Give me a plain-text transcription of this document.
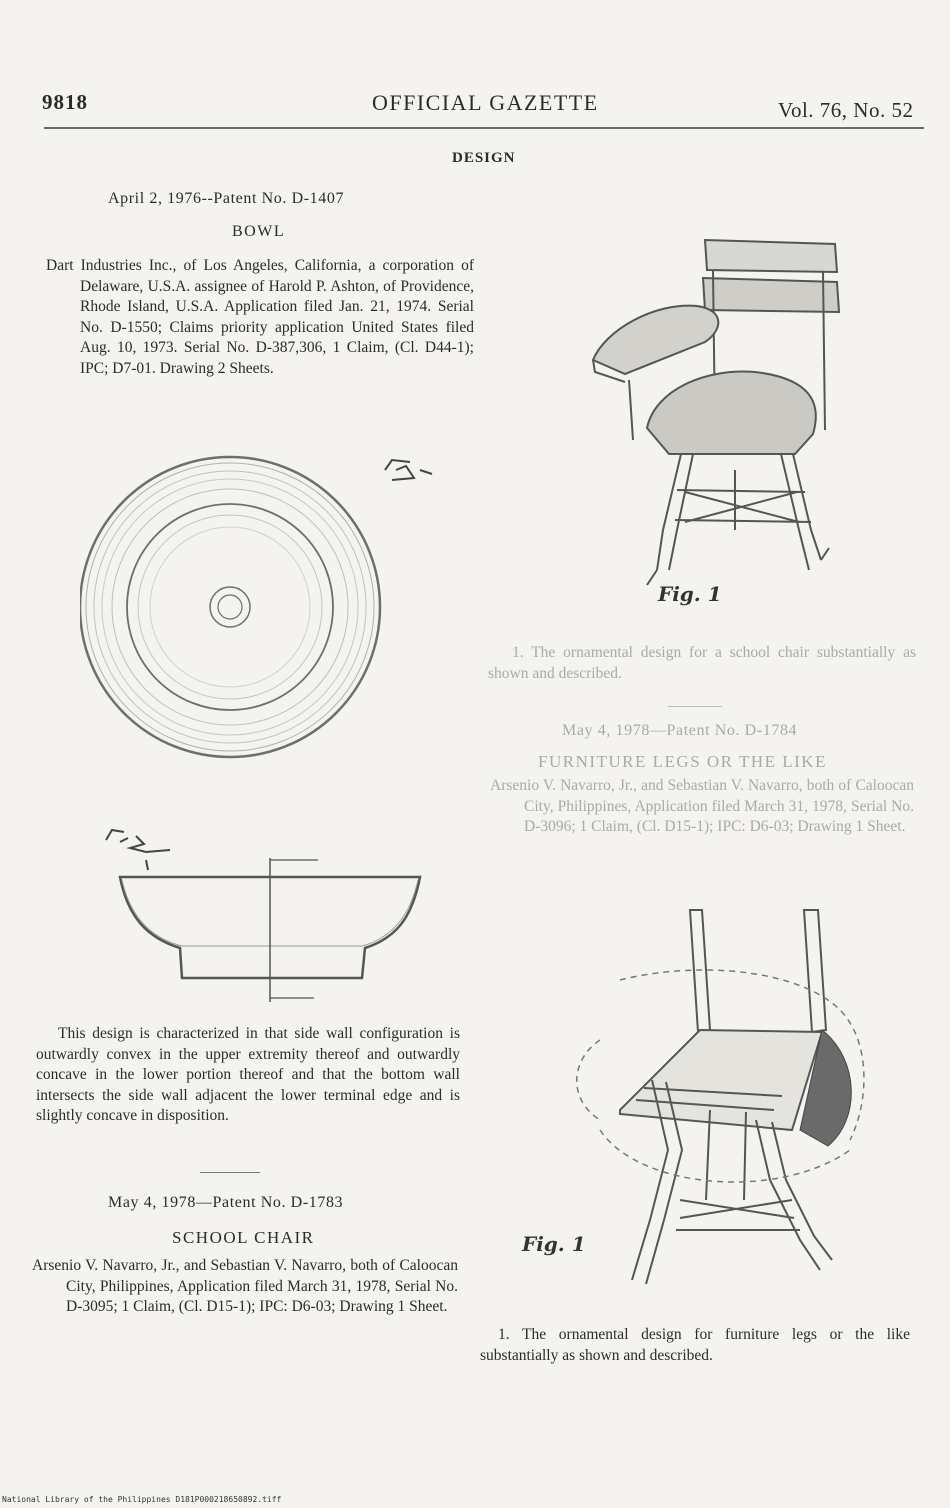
9818	OFFICIAL GAZETTE	Vol. 76, No. 52
DESIGN
April 2, 1976--Patent No. D-1407
BOWL
Dart Industries Inc., of Los Angeles, California, a corporation of Delaware, U.S.A. assignee of Harold P. Ashton, of Providence, Rhode Island, U.S.A. Application filed Jan. 21, 1974. Serial No. D-1550; Claims priority application United States filed Aug. 10, 1973. Serial No. D-387,306, 1 Claim, (Cl. D44-1); IPC; D7-01. Drawing 2 Sheets.
This design is characterized in that side wall configuration is outwardly convex in the upper extremity thereof and outwardly concave in the lower portion thereof and that the bottom wall intersects the side wall adjacent the lower terminal edge and is slightly concave in disposition.
May 4, 1978—Patent No. D-1783
SCHOOL CHAIR
Arsenio V. Navarro, Jr., and Sebastian V. Navarro, both of Caloocan City, Philippines, Application filed March 31, 1978, Serial No. D-3095; 1 Claim, (Cl. D15-1); IPC: D6-03; Drawing 1 Sheet.
Fig. 1
1. The ornamental design for a school chair substantially as shown and described.
May 4, 1978—Patent No. D-1784
FURNITURE LEGS OR THE LIKE
Arsenio V. Navarro, Jr., and Sebastian V. Navarro, both of Caloocan City, Philippines, Application filed March 31, 1978, Serial No. D-3096; 1 Claim, (Cl. D15-1); IPC: D6-03; Drawing 1 Sheet.
Fig. 1
1. The ornamental design for furniture legs or the like substantially as shown and described.
National Library of the Philippines D181P000218650892.tiff
